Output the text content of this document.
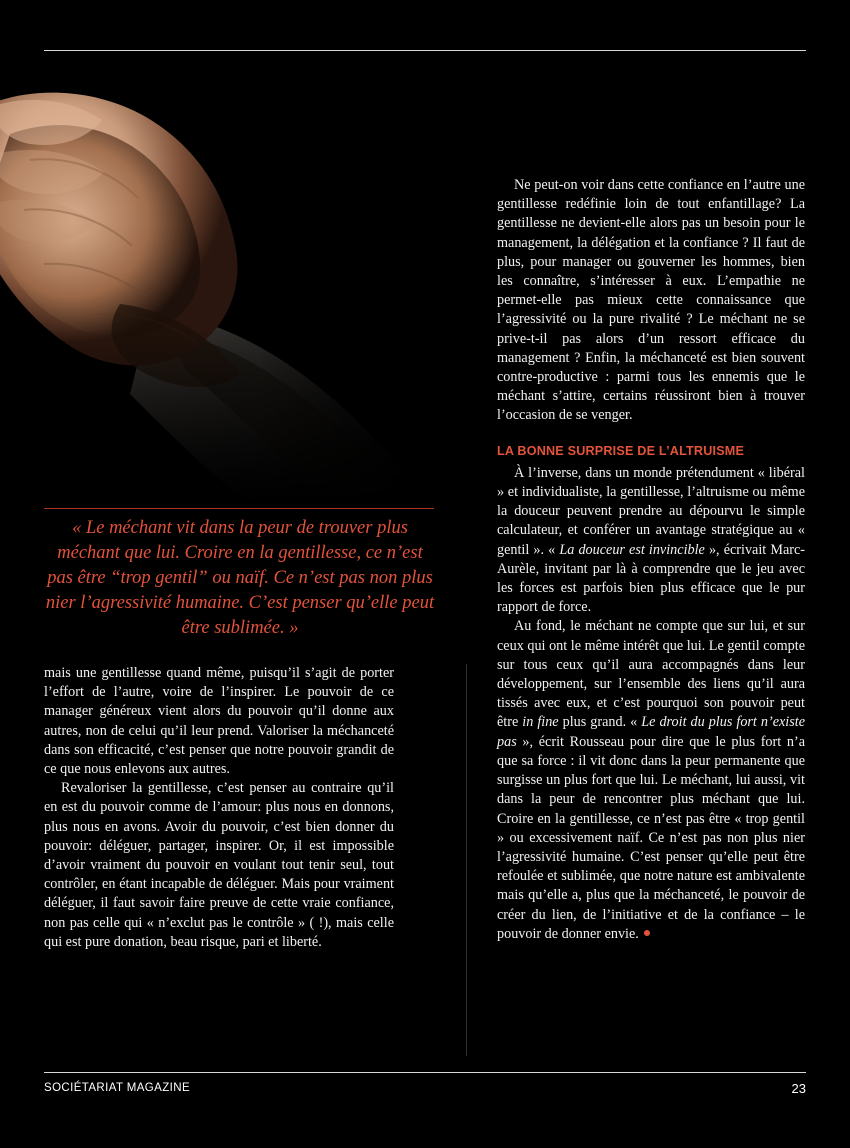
« Le méchant vit dans la peur de trouver plus méchant que lui. Croire en la gentillesse, ce n’est pas être “trop gentil” ou naïf. Ce n’est pas non plus nier l’agressivité humaine. C’est penser qu’elle peut être sublimée. »

mais une gentillesse quand même, puisqu’il s’agit de porter l’effort de l’autre, voire de l’inspirer. Le pouvoir de ce manager généreux vient alors du pouvoir qu’il donne aux autres, non de celui qu’il leur prend. Valoriser la méchanceté dans son efficacité, c’est penser que notre pouvoir grandit de ce que nous enlevons aux autres.

Revaloriser la gentillesse, c’est penser au contraire qu’il en est du pouvoir comme de l’amour: plus nous en donnons, plus nous en avons. Avoir du pouvoir, c’est bien donner du pouvoir: déléguer, partager, inspirer. Or, il est impossible d’avoir vraiment du pouvoir en voulant tout tenir seul, tout contrôler, en étant incapable de déléguer. Mais pour vraiment déléguer, il faut savoir faire preuve de cette vraie confiance, non pas celle qui « n’exclut pas le contrôle » ( !), mais celle qui est pure donation, beau risque, pari et liberté.

Ne peut-on voir dans cette confiance en l’autre une gentillesse redéfinie loin de tout enfantillage? La gentillesse ne devient-elle alors pas un besoin pour le management, la délégation et la confiance ? Il faut de plus, pour manager ou gouverner les hommes, bien les connaître, s’intéresser à eux. L’empathie ne permet-elle pas mieux cette connaissance que l’agressivité ou la pure rivalité ? Le méchant ne se prive-t-il pas alors d’un ressort efficace du management ? Enfin, la méchanceté est bien souvent contre-productive : parmi tous les ennemis que le méchant s’attire, certains réussiront bien à trouver l’occasion de se venger.

LA BONNE SURPRISE DE L’ALTRUISME

À l’inverse, dans un monde prétendument « libéral » et individualiste, la gentillesse, l’altruisme ou même la douceur peuvent prendre au dépourvu le simple calculateur, et conférer un avantage stratégique au « gentil ». « La douceur est invincible », écrivait Marc-Aurèle, invitant par là à comprendre que le jeu avec les forces est parfois bien plus efficace que le pur rapport de force.

Au fond, le méchant ne compte que sur lui, et sur ceux qui ont le même intérêt que lui. Le gentil compte sur tous ceux qu’il aura accompagnés dans leur développement, sur l’ensemble des liens qu’il aura tissés avec eux, et c’est pourquoi son pouvoir peut être in fine plus grand. « Le droit du plus fort n’existe pas », écrit Rousseau pour dire que le plus fort n’a que sa force : il vit donc dans la peur permanente que surgisse un plus fort que lui. Le méchant, lui aussi, vit dans la peur de rencontrer plus méchant que lui. Croire en la gentillesse, ce n’est pas être « trop gentil » ou excessivement naïf. Ce n’est pas non plus nier l’agressivité humaine. C’est penser qu’elle peut être refoulée et sublimée, que notre nature est ambivalente mais qu’elle a, plus que la méchanceté, le pouvoir de créer du lien, de l’initiative et de la confiance – le pouvoir de donner envie.

SOCIÉTARIAT MAGAZINE	23
